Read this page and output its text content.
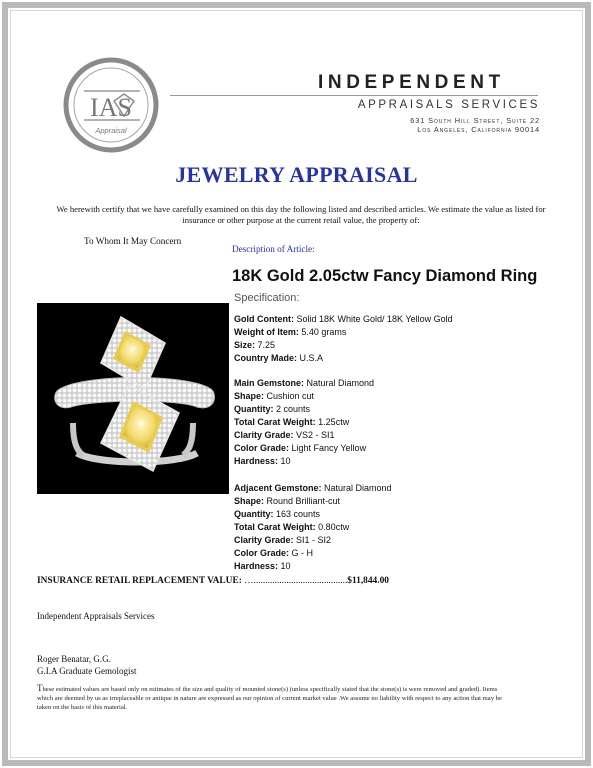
IAS
Appraisal
INDEPENDENT
APPRAISALS SERVICES
631 South Hill Street, Suite 22
Los Angeles, California 90014
JEWELRY APPRAISAL
We herewith certify that we have carefully examined on this day the following listed and described articles. We estimate the value as listed for insurance or other purpose at the current retail value, the property of:
To Whom It May Concern
Description of Article:
18K Gold 2.05ctw Fancy Diamond Ring
Specification:
Gold Content: Solid 18K White Gold/ 18K Yellow Gold
Weight of Item: 5.40 grams
Size: 7.25
Country Made: U.S.A
Main Gemstone: Natural Diamond
Shape: Cushion cut
Quantity: 2 counts
Total Carat Weight: 1.25ctw
Clarity Grade: VS2 - SI1
Color Grade: Light Fancy Yellow
Hardness: 10
Adjacent Gemstone: Natural Diamond
Shape: Round Brilliant-cut
Quantity: 163 counts
Total Carat Weight: 0.80ctw
Clarity Grade: SI1 - SI2
Color Grade: G - H
Hardness: 10
INSURANCE RETAIL REPLACEMENT VALUE: …........................................$11,844.00
Independent Appraisals Services
Roger Benatar, G.G.
G.I.A Graduate Gemologist
These estimated values are based only on estimates of the size and quality of mounted stone(s) (unless specifically stated that the stone(s) is were removed and graded). Items which are deemed by us as irreplaceable or antique in nature are expressed as our opinion of current market value .We assume no liability with respect to any action that may be taken on the basis of this material.
